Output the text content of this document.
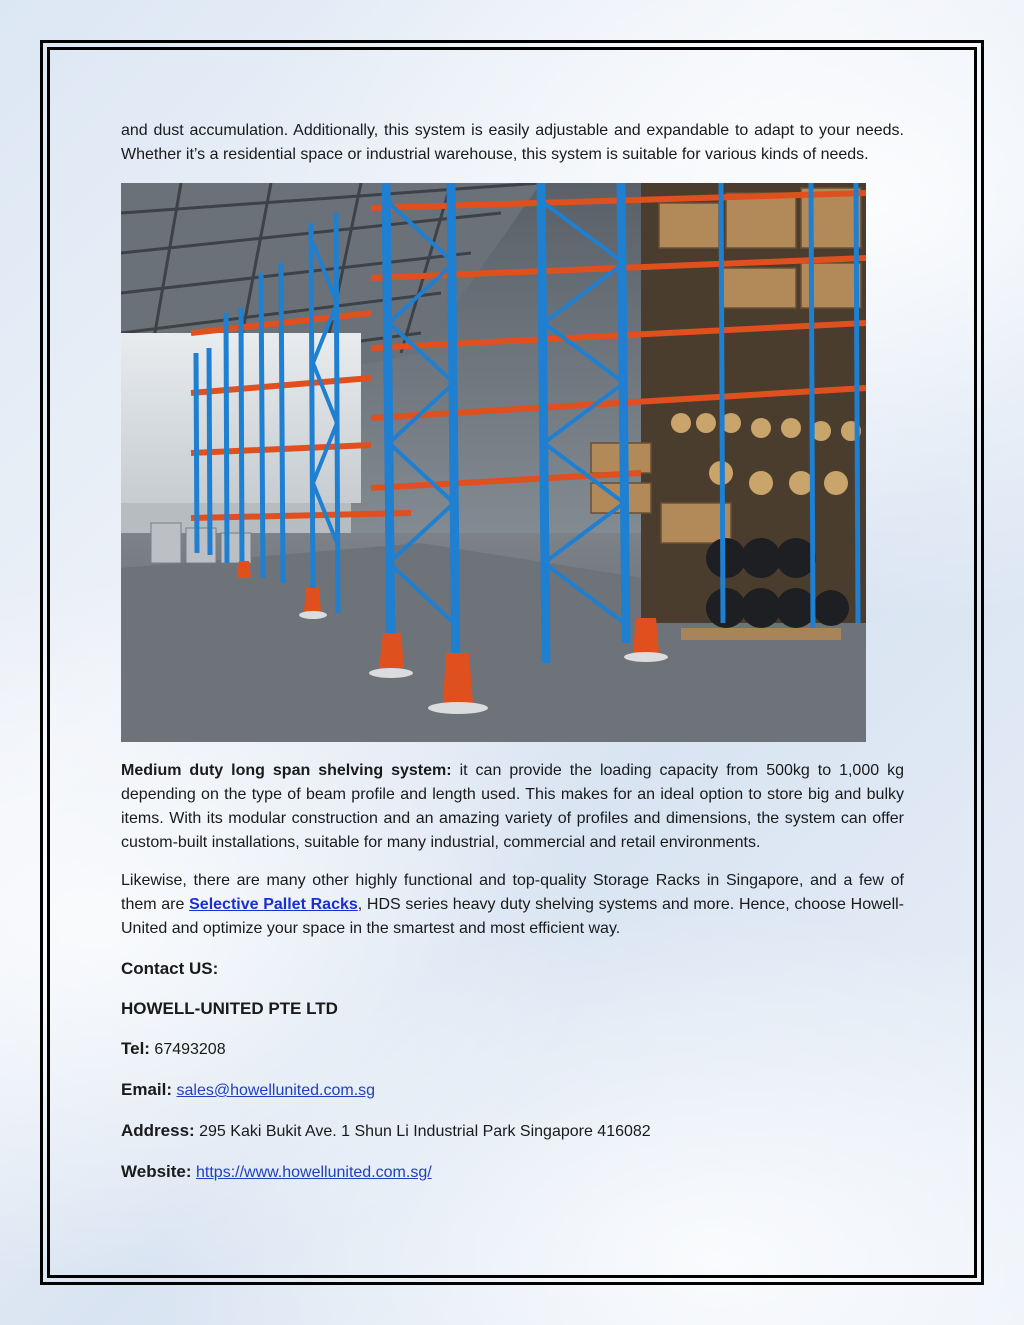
and dust accumulation. Additionally, this system is easily adjustable and expandable to adapt to your needs. Whether it’s a residential space or industrial warehouse, this system is suitable for various kinds of needs.

Medium duty long span shelving system: it can provide the loading capacity from 500kg to 1,000 kg depending on the type of beam profile and length used. This makes for an ideal option to store big and bulky items. With its modular construction and an amazing variety of profiles and dimensions, the system can offer custom-built installations, suitable for many industrial, commercial and retail environments.

Likewise, there are many other highly functional and top-quality Storage Racks in Singapore, and a few of them are Selective Pallet Racks, HDS series heavy duty shelving systems and more. Hence, choose Howell-United and optimize your space in the smartest and most efficient way.

Contact US:

HOWELL-UNITED PTE LTD

Tel: 67493208

Email: sales@howellunited.com.sg

Address: 295 Kaki Bukit Ave. 1 Shun Li Industrial Park Singapore 416082

Website: https://www.howellunited.com.sg/
